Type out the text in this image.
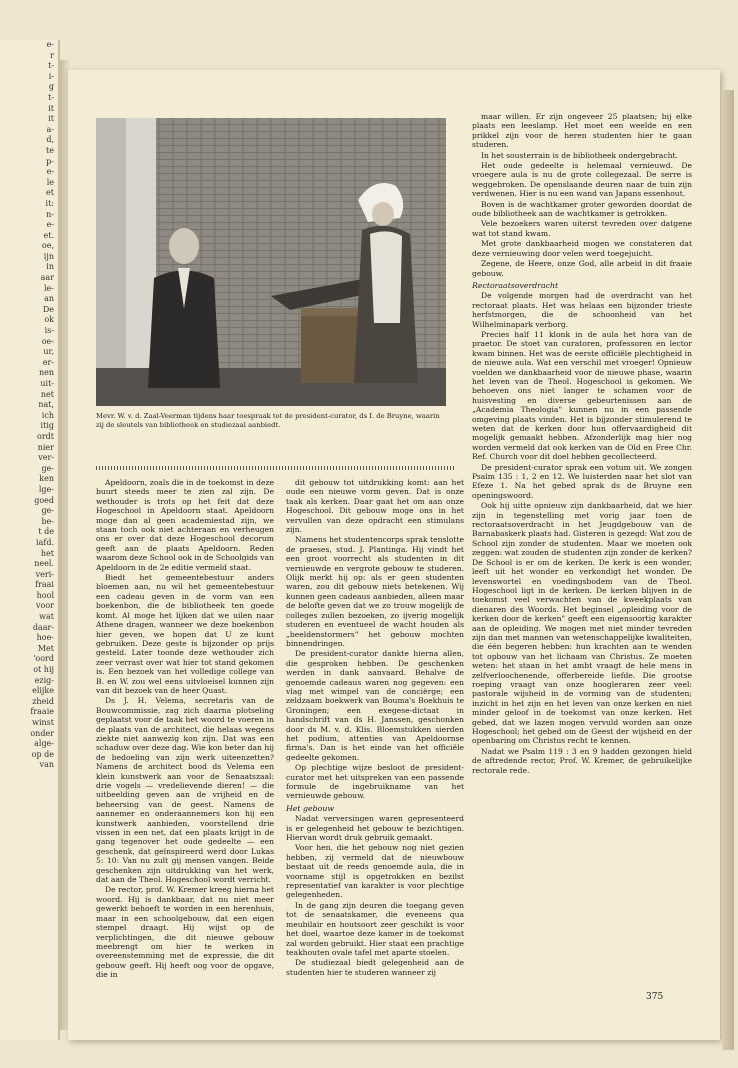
e-
r
t-
i-
g
t-
it
it
a-
d,
te
p-
e-
le
et
it:
n-
e-
et.
oe,
ijn
in
aar
le-
an
De
ok
is-
oe-
ur,
er-
nen
uit-
net
nat,
ich
itig
ordt
nier
ver-
ge-
ken
lge-
goed
ge-
be-
t de
iafd.
het
neel.
veri-
fraai
hool
voor
wat
daar-
hoe-
Met
'oord
ot hij
ezig-
elijke
zheid
fraaie
winst
onder
alge-
op de
van
Mevr. W. v. d. Zaal-Veerman tijdens haar toespraak tot de president-curator, ds I. de Bruyne, waarin zij de sleutels van bibliotheek en studiezaal aanbiedt.

Apeldoorn, zoals die in de toekomst in deze buurt steeds meer te zien zal zijn. De wethouder is trots op het feit dat deze Hogeschool in Apeldoorn staat. Apeldoorn moge dan al geen academiestad zijn, we staan toch ook niet achteraan en verheugen ons er over dat deze Hogeschool decorum geeft aan de plaats Apeldoorn. Reden waarom deze School ook in de Schoolgids van Apeldoorn in de 2e editie vermeld staat.

Biedt het gemeentebestuur anders bloemen aan, nu wil het gemeentebestuur een cadeau geven in de vorm van een boekenbon, die de bibliotheek ten goede komt. Al moge het lijken dat we uilen naar Athene dragen, wanneer we deze boekenbon hier geven, we hopen dat U ze kunt gebruiken. Deze geste is bijzonder op prijs gesteld. Later toonde deze wethouder zich zeer verrast over wat hier tot stand gekomen is. Een bezoek van het volledige college van B. en W. zou wel eens uitvloeisel kunnen zijn van dit bezoek van de heer Quast.

Ds J. H. Velema, secretaris van de Bouwcommissie, zag zich daarna plotseling geplaatst voor de taak het woord te voeren in de plaats van de architect, die helaas wegens ziekte niet aanwezig kon zijn. Dat was een schaduw over deze dag. Wie kon beter dan hij de bedoeling van zijn werk uiteenzetten? Namens de architect bood ds Velema een klein kunstwerk aan voor de Senaatszaal: drie vogels — vredelievende dieren! — die uitbeelding geven aan de vrijheid en de beheersing van de geest. Namens de aannemer en onderaannemers kon hij een kunstwerk aanbieden, voorstellend drie vissen in een net, dat een plaats krijgt in de gang tegenover het oude gedeelte — een geschenk, dat geïnspireerd werd door Lukas 5: 10: Van nu zult gij mensen vangen. Beide geschenken zijn uitdrukking van het werk, dat aan de Theol. Hogeschool wordt verricht.

De rector, prof. W. Kremer kreeg hierna het woord. Hij is dankbaar, dat nu niet meer gewerkt behoeft te worden in een herenhuis, maar in een schoolgebouw, dat een eigen stempel draagt. Hij wijst op de verplichtingen, die dit nieuwe gebouw meebrengt om hier te werken in overeenstemming met de expressie, die dit gebouw geeft. Hij heeft oog voor de opgave, die in

dit gebouw tot uitdrukking komt: aan het oude een nieuwe vorm geven. Dat is onze taak als kerken. Daar gaat het om aan onze Hogeschool. Dit gebouw moge ons in het vervullen van deze opdracht een stimulans zijn.

Namens het studentencorps sprak tenslotte de praeses, stud. J. Plantinga. Hij vindt het een groot voorrecht als studenten in dit vernieuwde en vergrote gebouw te studeren. Olijk merkt hij op: als er geen studenten waren, zou dit gebouw niets betekenen. Wij kunnen geen cadeaus aanbieden, alleen maar de belofte geven dat we zo trouw mogelijk de colleges zullen bezoeken, zo ijverig mogelijk studeren en eventueel de wacht houden als „beeldenstormers" het gebouw mochten binnendringen.

De president-curator dankte hierna allen, die gesproken hebben. De geschenken werden in dank aanvaard. Behalve de genoemde cadeaus waren nog gegeven: een vlag met wimpel van de conciërge; een zeldzaam boekwerk van Bouma's Boekhuis te Groningen; een exegese-dictaat in handschrift van ds H. Janssen, geschonken door ds M. v. d. Klis. Bloemstukken sierden het podium, attenties van Apeldoornse firma's. Dan is het einde van het officiële gedeelte gekomen.

Op plechtige wijze besloot de president-curator met het uitspreken van een passende formule de ingebruikname van het vernieuwde gebouw.

Het gebouw

Nadat verversingen waren gepresenteerd is er gelegenheid het gebouw te bezichtigen. Hiervan wordt druk gebruik gemaakt.

Voor hen, die het gebouw nog niet gezien hebben, zij vermeld dat de nieuwbouw bestaat uit de reeds genoemde aula, die in voorname stijl is opgetrokken en bezilst representatief van karakter is voor plechtige gelegenheden.

In de gang zijn deuren die toegang geven tot de senaatskamer, die eveneens qua meubilair en houtsoort zeer geschikt is voor het doel, waartoe deze kamer in de toekomst zal worden gebruikt. Hier staat een prachtige teakhouten ovale tafel met aparte stoelen.

De studiezaal biedt gelegenheid aan de studenten hier te studeren wanneer zij

maar willen. Er zijn ongeveer 25 plaatsen; bij elke plaats een leeslamp. Het moet een weelde en een prikkel zijn voor de heren studenten hier te gaan studeren.

In het sousterrain is de bibliotheek ondergebracht.

Het oude gedeelte is helemaal vernieuwd. De vroegere aula is nu de grote collegezaal. De serre is weggebroken. De openslaande deuren naar de tuin zijn verdwenen. Hier is nu een wand van Japans essenhout.

Boven is de wachtkamer groter geworden doordat de oude bibliotheek aan de wachtkamer is getrokken.

Vele bezoekers waren uiterst tevreden over datgene wat tot stand kwam.

Met grote dankbaarheid mogen we constateren dat deze vernieuwing door velen werd toegejuicht.

Zegene, de Heere, onze God, alle arbeid in dit fraaie gebouw.

Rectoraatsoverdracht

De volgende morgen had de overdracht van het rectoraat plaats. Het was helaas een bijzonder trieste herfstmorgen, die de schoonheid van het Wilhelminapark verborg.

Precies half 11 klonk in de aula het hora van de praetor. De stoet van curatoren, professoren en lector kwam binnen. Het was de eerste officiële plechtigheid in de nieuwe aula. Wat een verschil met vroeger! Opnieuw voelden we dankbaarheid voor de nieuwe phase, waarin het leven van de Theol. Hogeschool is gekomen. We behoeven ons niet langer te schamen voor de huisvesting en diverse gebeurtenissen aan de „Academia Theologia" kunnen nu in een passende omgeving plaats vinden. Het is bijzonder stimulerend te weten dat de kerken door hun offervaardigheid dit mogelijk gemaakt hebben. Afzonderlijk mag hier nog worden vermeld dat ook kerken van de Old en Free Chr. Ref. Church voor dit doel hebben gecollecteerd.

De president-curator sprak een votum uit. We zongen Psalm 135 : 1, 2 en 12. We luisterden naar het slot van Efeze 1. Na het gebed sprak ds de Bruyne een openingswoord.

Ook hij uitte opnieuw zijn dankbaarheid, dat we hier zijn in tegenstelling met vorig jaar toen de rectoraatsoverdracht in het Jeugdgebouw van de Barnabaskerk plaats had. Gisteren is gezegd: Wat zou de School zijn zonder de studenten. Maar we moeten ook zeggen: wat zouden de studenten zijn zonder de kerken? De School is er om de kerken. De kerk is een wonder, leeft uit het wonder en verkondigt het wonder. De levenswortel en voedingsbodem van de Theol. Hogeschool ligt in de kerken. De kerken blijven in de toekomst veel verwachten van de kweekplaats van dienaren des Woords. Het beginsel „opleiding voor de kerken door de kerken" geeft een eigensoortig karakter aan de opleiding. We mogen met niet minder tevreden zijn dan met mannen van wetenschappelijke kwaliteiten, die één begeren hebben: hun krachten aan te wenden tot opbouw van het lichaam van Christus. Ze moeten weten: het staan in het ambt vraagt de hele mens in zelfverloochenende, offerbereide liefde. Die grootse roeping vraagt van onze hoogleraren zeer veel: pastorale wijsheid in de vorming van de studenten; inzicht in het zijn en het leven van onze kerken en niet minder geloof in de toekomst van onze kerken. Het gebed, dat we lazen mogen vervuld worden aan onze Hogeschool; het gebed om de Geest der wijsheid en der openbaring om Christus recht te kennen.

Nadat we Psalm 119 : 3 en 9 hadden gezongen hield de aftredende rector, Prof. W. Kremer, de gebruikelijke rectorale rede.

375
